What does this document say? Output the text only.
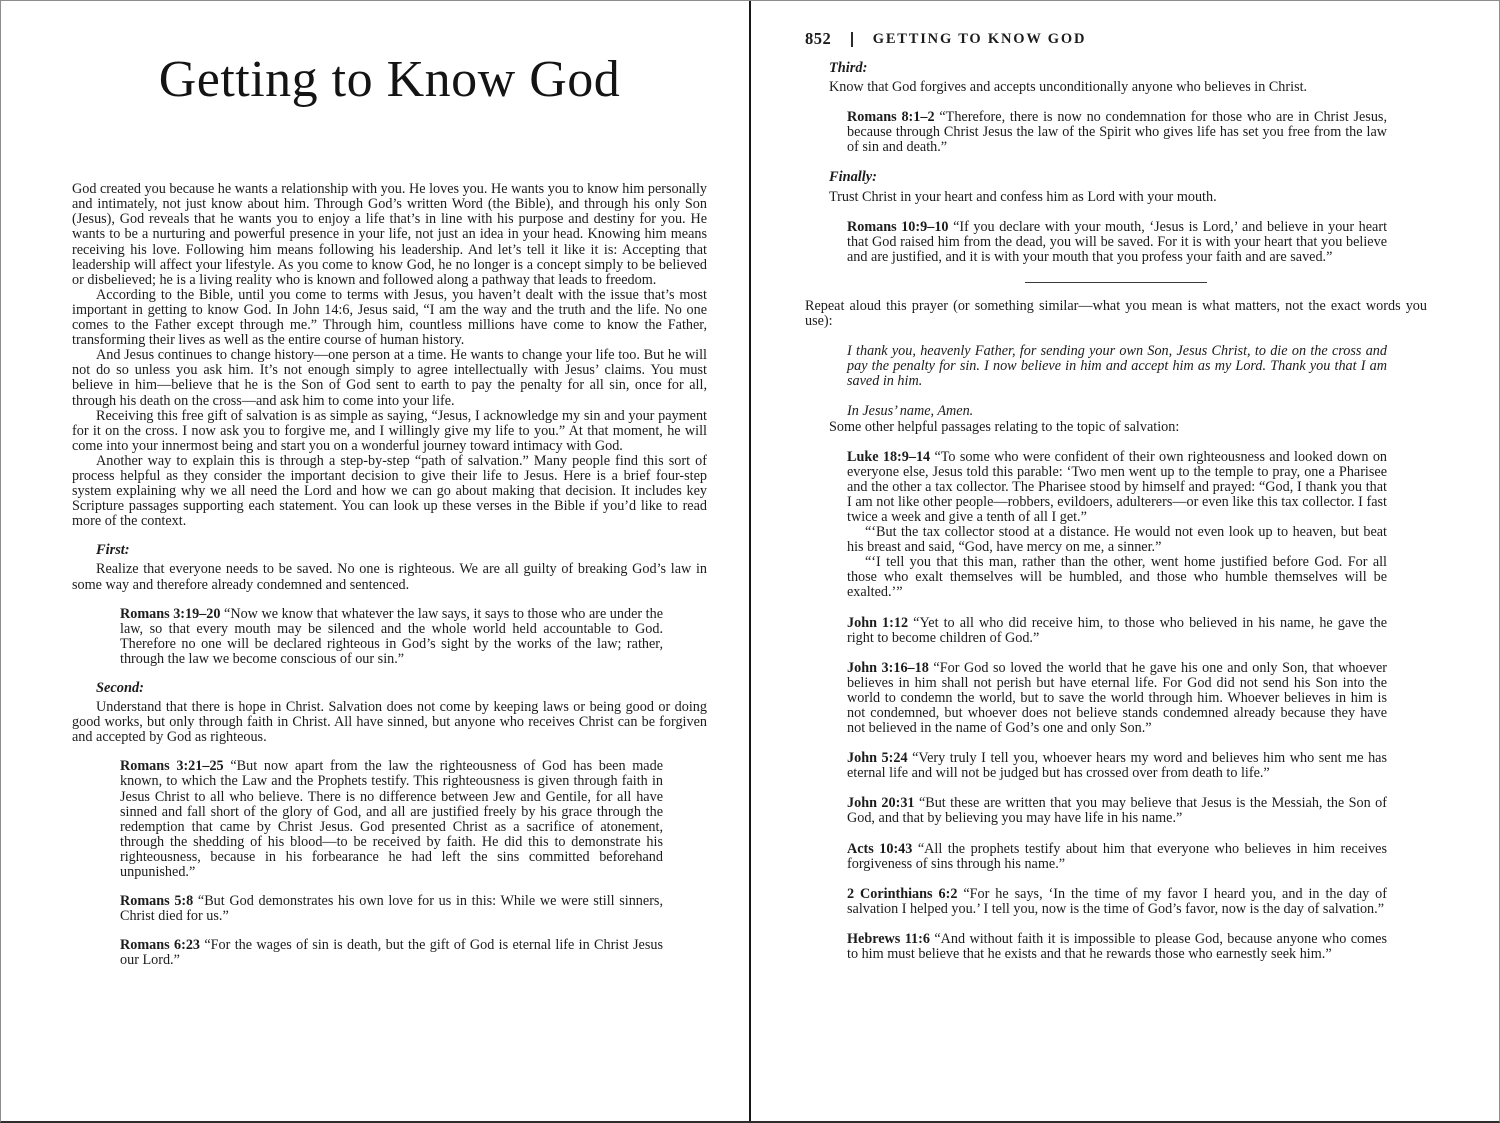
Getting to Know God

God created you because he wants a relationship with you. He loves you. He wants you to know him personally and intimately, not just know about him. Through God’s written Word (the Bible), and through his only Son (Jesus), God reveals that he wants you to enjoy a life that’s in line with his purpose and destiny for you. He wants to be a nurturing and powerful presence in your life, not just an idea in your head. Knowing him means receiving his love. Following him means following his leadership. And let’s tell it like it is: Accepting that leadership will affect your lifestyle. As you come to know God, he no longer is a concept simply to be believed or disbelieved; he is a living reality who is known and followed along a pathway that leads to freedom.

According to the Bible, until you come to terms with Jesus, you haven’t dealt with the issue that’s most important in getting to know God. In John 14:6, Jesus said, “I am the way and the truth and the life. No one comes to the Father except through me.” Through him, countless millions have come to know the Father, transforming their lives as well as the entire course of human history.

And Jesus continues to change history—one person at a time. He wants to change your life too. But he will not do so unless you ask him. It’s not enough simply to agree intellectually with Jesus’ claims. You must believe in him—believe that he is the Son of God sent to earth to pay the penalty for all sin, once for all, through his death on the cross—and ask him to come into your life.

Receiving this free gift of salvation is as simple as saying, “Jesus, I acknowledge my sin and your payment for it on the cross. I now ask you to forgive me, and I willingly give my life to you.” At that moment, he will come into your innermost being and start you on a wonderful journey toward intimacy with God.

Another way to explain this is through a step-by-step “path of salvation.” Many people find this sort of process helpful as they consider the important decision to give their life to Jesus. Here is a brief four-step system explaining why we all need the Lord and how we can go about making that decision. It includes key Scripture passages supporting each statement. You can look up these verses in the Bible if you’d like to read more of the context.

First:

Realize that everyone needs to be saved. No one is righteous. We are all guilty of breaking God’s law in some way and therefore already condemned and sentenced.

Romans 3:19–20 “Now we know that whatever the law says, it says to those who are under the law, so that every mouth may be silenced and the whole world held accountable to God. Therefore no one will be declared righteous in God’s sight by the works of the law; rather, through the law we become conscious of our sin.”

Second:

Understand that there is hope in Christ. Salvation does not come by keeping laws or being good or doing good works, but only through faith in Christ. All have sinned, but anyone who receives Christ can be forgiven and accepted by God as righteous.

Romans 3:21–25 “But now apart from the law the righteousness of God has been made known, to which the Law and the Prophets testify. This righteousness is given through faith in Jesus Christ to all who believe. There is no difference between Jew and Gentile, for all have sinned and fall short of the glory of God, and all are justified freely by his grace through the redemption that came by Christ Jesus. God presented Christ as a sacrifice of atonement, through the shedding of his blood—to be received by faith. He did this to demonstrate his righteousness, because in his forbearance he had left the sins committed beforehand unpunished.”

Romans 5:8 “But God demonstrates his own love for us in this: While we were still sinners, Christ died for us.”

Romans 6:23 “For the wages of sin is death, but the gift of God is eternal life in Christ Jesus our Lord.”

852	GETTING TO KNOW GOD
Third:

Know that God forgives and accepts unconditionally anyone who believes in Christ.

Romans 8:1–2 “Therefore, there is now no condemnation for those who are in Christ Jesus, because through Christ Jesus the law of the Spirit who gives life has set you free from the law of sin and death.”

Finally:

Trust Christ in your heart and confess him as Lord with your mouth.

Romans 10:9–10 “If you declare with your mouth, ‘Jesus is Lord,’ and believe in your heart that God raised him from the dead, you will be saved. For it is with your heart that you believe and are justified, and it is with your mouth that you profess your faith and are saved.”

Repeat aloud this prayer (or something similar—what you mean is what matters, not the exact words you use):

I thank you, heavenly Father, for sending your own Son, Jesus Christ, to die on the cross and pay the penalty for sin. I now believe in him and accept him as my Lord. Thank you that I am saved in him.

In Jesus’ name, Amen.

Some other helpful passages relating to the topic of salvation:

Luke 18:9–14 “To some who were confident of their own righteousness and looked down on everyone else, Jesus told this parable: ‘Two men went up to the temple to pray, one a Pharisee and the other a tax collector. The Pharisee stood by himself and prayed: “God, I thank you that I am not like other people—robbers, evildoers, adulterers—or even like this tax collector. I fast twice a week and give a tenth of all I get.”

“‘But the tax collector stood at a distance. He would not even look up to heaven, but beat his breast and said, “God, have mercy on me, a sinner.”

“‘I tell you that this man, rather than the other, went home justified before God. For all those who exalt themselves will be humbled, and those who humble themselves will be exalted.’”

John 1:12 “Yet to all who did receive him, to those who believed in his name, he gave the right to become children of God.”

John 3:16–18 “For God so loved the world that he gave his one and only Son, that whoever believes in him shall not perish but have eternal life. For God did not send his Son into the world to condemn the world, but to save the world through him. Whoever believes in him is not condemned, but whoever does not believe stands condemned already because they have not believed in the name of God’s one and only Son.”

John 5:24 “Very truly I tell you, whoever hears my word and believes him who sent me has eternal life and will not be judged but has crossed over from death to life.”

John 20:31 “But these are written that you may believe that Jesus is the Messiah, the Son of God, and that by believing you may have life in his name.”

Acts 10:43 “All the prophets testify about him that everyone who believes in him receives forgiveness of sins through his name.”

2 Corinthians 6:2 “For he says, ‘In the time of my favor I heard you, and in the day of salvation I helped you.’ I tell you, now is the time of God’s favor, now is the day of salvation.”

Hebrews 11:6 “And without faith it is impossible to please God, because anyone who comes to him must believe that he exists and that he rewards those who earnestly seek him.”
